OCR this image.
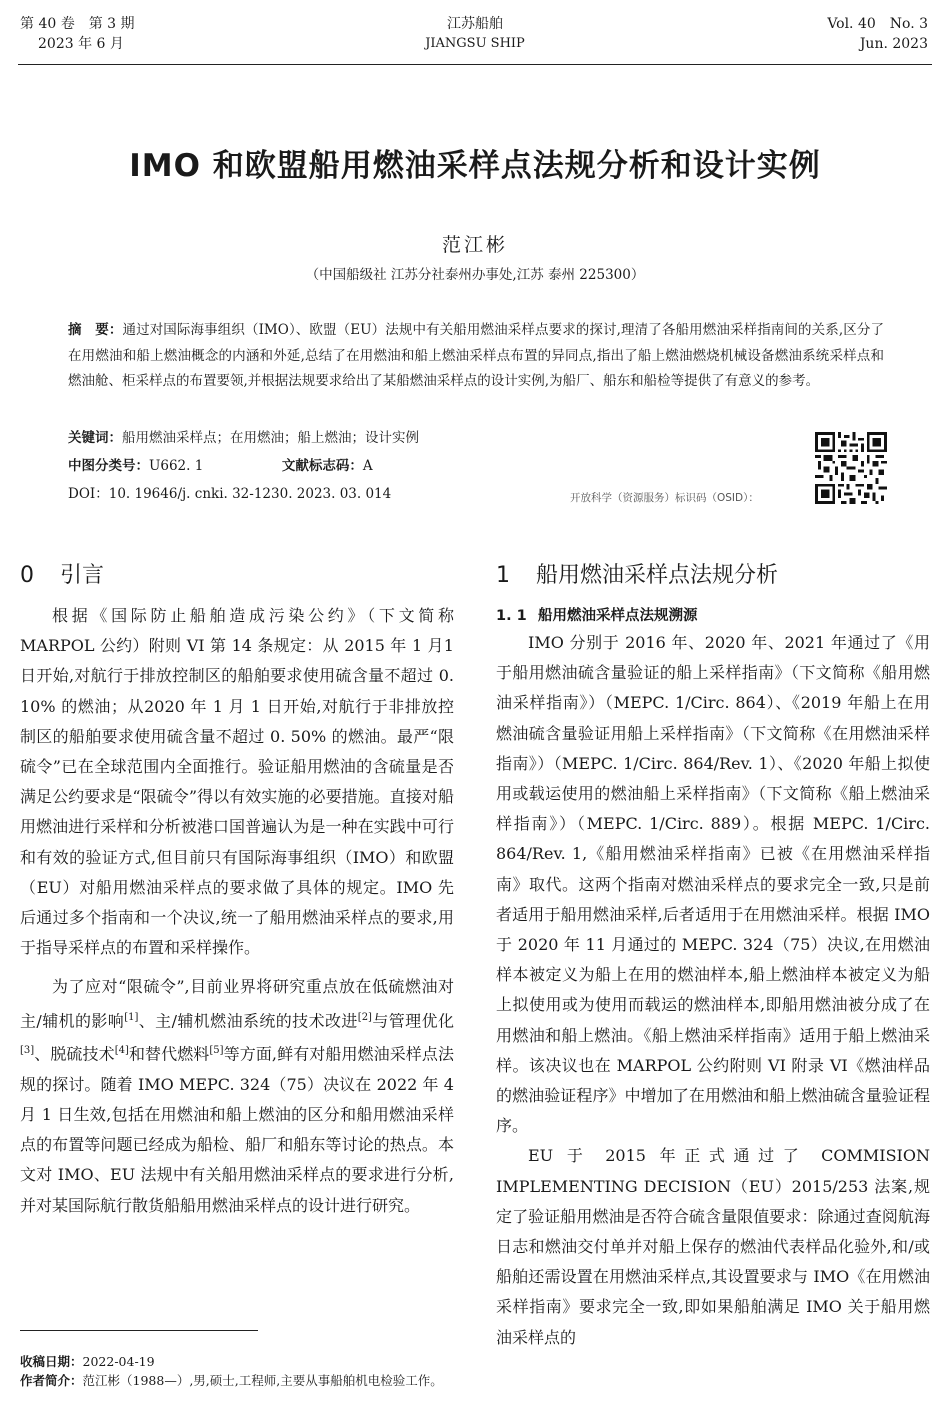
第 40 卷　第 3 期
2023 年 6 月
江苏船舶
JIANGSU SHIP
Vol. 40　No. 3
Jun. 2023
IMO 和欧盟船用燃油采样点法规分析和设计实例
范江彬
（中国船级社 江苏分社泰州办事处,江苏 泰州 225300）
摘　要：通过对国际海事组织（IMO）、欧盟（EU）法规中有关船用燃油采样点要求的探讨,理清了各船用燃油采样指南间的关系,区分了在用燃油和船上燃油概念的内涵和外延,总结了在用燃油和船上燃油采样点布置的异同点,指出了船上燃油燃烧机械设备燃油系统采样点和燃油舱、柜采样点的布置要领,并根据法规要求给出了某船燃油采样点的设计实例,为船厂、船东和船检等提供了有意义的参考。
关键词：船用燃油采样点；在用燃油；船上燃油；设计实例
中图分类号：U662. 1	文献标志码：A
DOI：10. 19646/j. cnki. 32-1230. 2023. 03. 014	开放科学（资源服务）标识码（OSID）：
0 引言

根据《国际防止船舶造成污染公约》（下文简称 MARPOL 公约）附则 VI 第 14 条规定：从 2015 年 1 月1 日开始,对航行于排放控制区的船舶要求使用硫含量不超过 0. 10% 的燃油；从2020 年 1 月 1 日开始,对航行于非排放控制区的船舶要求使用硫含量不超过 0. 50% 的燃油。最严“限硫令”已在全球范围内全面推行。验证船用燃油的含硫量是否满足公约要求是“限硫令”得以有效实施的必要措施。直接对船用燃油进行采样和分析被港口国普遍认为是一种在实践中可行和有效的验证方式,但目前只有国际海事组织（IMO）和欧盟（EU）对船用燃油采样点的要求做了具体的规定。IMO 先后通过多个指南和一个决议,统一了船用燃油采样点的要求,用于指导采样点的布置和采样操作。

为了应对“限硫令”,目前业界将研究重点放在低硫燃油对主/辅机的影响[1]、主/辅机燃油系统的技术改进[2]与管理优化[3]、脱硫技术[4]和替代燃料[5]等方面,鲜有对船用燃油采样点法规的探讨。随着 IMO MEPC. 324（75）决议在 2022 年 4 月 1 日生效,包括在用燃油和船上燃油的区分和船用燃油采样点的布置等问题已经成为船检、船厂和船东等讨论的热点。本文对 IMO、EU 法规中有关船用燃油采样点的要求进行分析,并对某国际航行散货船船用燃油采样点的设计进行研究。

收稿日期：2022-04-19
作者简介：范江彬（1988—）,男,硕士,工程师,主要从事船舶机电检验工作。
1 船用燃油采样点法规分析
1. 1 船用燃油采样点法规溯源

IMO 分别于 2016 年、2020 年、2021 年通过了《用于船用燃油硫含量验证的船上采样指南》（下文简称《船用燃油采样指南》）（MEPC. 1/Circ. 864）、《2019 年船上在用燃油硫含量验证用船上采样指南》（下文简称《在用燃油采样指南》）（MEPC. 1/Circ. 864/Rev. 1）、《2020 年船上拟使用或载运使用的燃油船上采样指南》（下文简称《船上燃油采样指南》）（MEPC. 1/Circ. 889）。根据 MEPC. 1/Circ. 864/Rev. 1,《船用燃油采样指南》已被《在用燃油采样指南》取代。这两个指南对燃油采样点的要求完全一致,只是前者适用于船用燃油采样,后者适用于在用燃油采样。根据 IMO 于 2020 年 11 月通过的 MEPC. 324（75）决议,在用燃油样本被定义为船上在用的燃油样本,船上燃油样本被定义为船上拟使用或为使用而载运的燃油样本,即船用燃油被分成了在用燃油和船上燃油。《船上燃油采样指南》适用于船上燃油采样。该决议也在 MARPOL 公约附则 VI 附录 VI《燃油样品的燃油验证程序》中增加了在用燃油和船上燃油硫含量验证程序。

EU 于 2015 年正式通过了 COMMISION IMPLEMENTING DECISION（EU）2015/253 法案,规定了验证船用燃油是否符合硫含量限值要求：除通过查阅航海日志和燃油交付单并对船上保存的燃油代表样品化验外,和/或船舶还需设置在用燃油采样点,其设置要求与 IMO《在用燃油采样指南》要求完全一致,即如果船舶满足 IMO 关于船用燃油采样点的
